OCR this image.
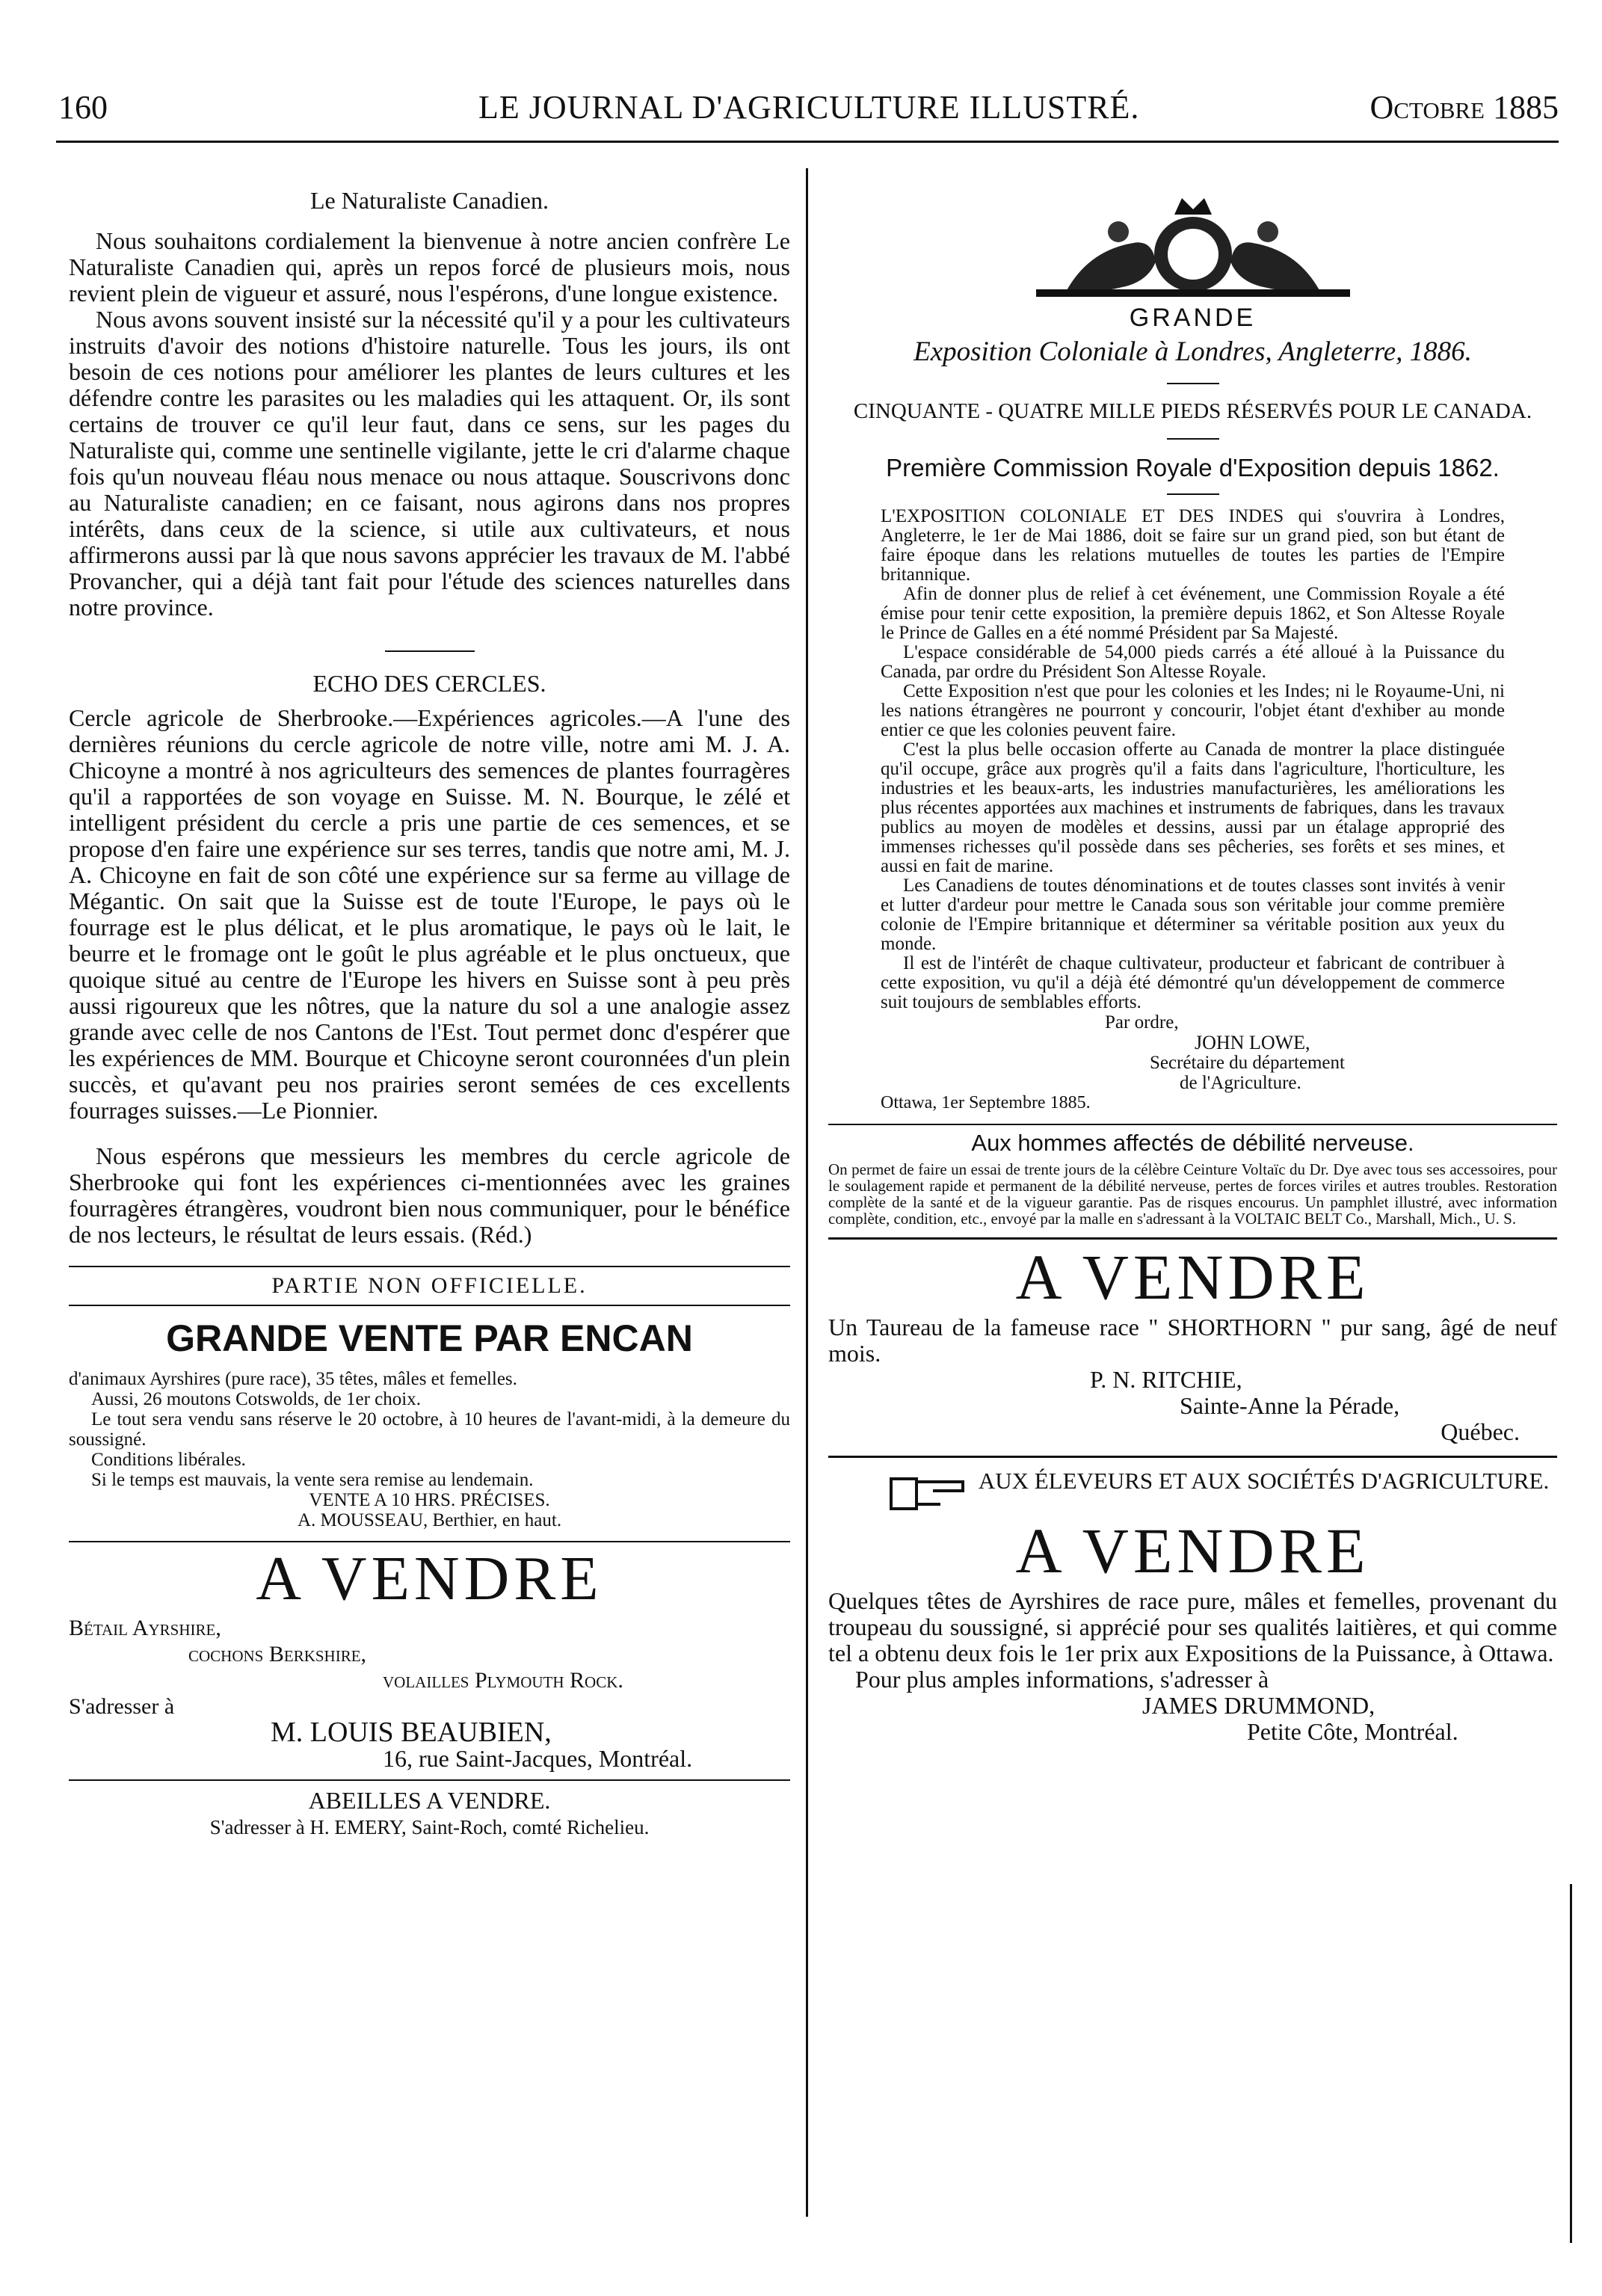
160	LE JOURNAL D'AGRICULTURE ILLUSTRÉ.	Octobre 1885

Le Naturaliste Canadien.

Nous souhaitons cordialement la bienvenue à notre ancien confrère Le Naturaliste Canadien qui, après un repos forcé de plusieurs mois, nous revient plein de vigueur et assuré, nous l'espérons, d'une longue existence.

Nous avons souvent insisté sur la nécessité qu'il y a pour les cultivateurs instruits d'avoir des notions d'histoire naturelle. Tous les jours, ils ont besoin de ces notions pour améliorer les plantes de leurs cultures et les défendre contre les parasites ou les maladies qui les attaquent. Or, ils sont certains de trouver ce qu'il leur faut, dans ce sens, sur les pages du Naturaliste qui, comme une sentinelle vigilante, jette le cri d'alarme chaque fois qu'un nouveau fléau nous menace ou nous attaque. Souscrivons donc au Naturaliste canadien; en ce faisant, nous agirons dans nos propres intérêts, dans ceux de la science, si utile aux cultivateurs, et nous affirmerons aussi par là que nous savons apprécier les travaux de M. l'abbé Provancher, qui a déjà tant fait pour l'étude des sciences naturelles dans notre province.

ECHO DES CERCLES.

Cercle agricole de Sherbrooke.—Expériences agricoles.—A l'une des dernières réunions du cercle agricole de notre ville, notre ami M. J. A. Chicoyne a montré à nos agriculteurs des semences de plantes fourragères qu'il a rapportées de son voyage en Suisse. M. N. Bourque, le zélé et intelligent président du cercle a pris une partie de ces semences, et se propose d'en faire une expérience sur ses terres, tandis que notre ami, M. J. A. Chicoyne en fait de son côté une expérience sur sa ferme au village de Mégantic. On sait que la Suisse est de toute l'Europe, le pays où le fourrage est le plus délicat, et le plus aromatique, le pays où le lait, le beurre et le fromage ont le goût le plus agréable et le plus onctueux, que quoique situé au centre de l'Europe les hivers en Suisse sont à peu près aussi rigoureux que les nôtres, que la nature du sol a une analogie assez grande avec celle de nos Cantons de l'Est. Tout permet donc d'espérer que les expériences de MM. Bourque et Chicoyne seront couronnées d'un plein succès, et qu'avant peu nos prairies seront semées de ces excellents fourrages suisses.—Le Pionnier.

Nous espérons que messieurs les membres du cercle agricole de Sherbrooke qui font les expériences ci-mentionnées avec les graines fourragères étrangères, voudront bien nous communiquer, pour le bénéfice de nos lecteurs, le résultat de leurs essais. (Réd.)

PARTIE NON OFFICIELLE.

GRANDE VENTE PAR ENCAN

d'animaux Ayrshires (pure race), 35 têtes, mâles et femelles.

Aussi, 26 moutons Cotswolds, de 1er choix.

Le tout sera vendu sans réserve le 20 octobre, à 10 heures de l'avant-midi, à la demeure du soussigné.

Conditions libérales.

Si le temps est mauvais, la vente sera remise au lendemain.

VENTE A 10 HRS. PRÉCISES.

A. MOUSSEAU, Berthier, en haut.

A VENDRE

Bétail Ayrshire,

cochons Berkshire,

volailles Plymouth Rock.

S'adresser à

M. LOUIS BEAUBIEN,

16, rue Saint-Jacques, Montréal.

ABEILLES A VENDRE.

S'adresser à H. EMERY, Saint-Roch, comté Richelieu.

GRANDE

Exposition Coloniale à Londres, Angleterre, 1886.

CINQUANTE - QUATRE MILLE PIEDS RÉSERVÉS POUR LE CANADA.

Première Commission Royale d'Exposition depuis 1862.

L'EXPOSITION COLONIALE ET DES INDES qui s'ouvrira à Londres, Angleterre, le 1er de Mai 1886, doit se faire sur un grand pied, son but étant de faire époque dans les relations mutuelles de toutes les parties de l'Empire britannique.

Afin de donner plus de relief à cet événement, une Commission Royale a été émise pour tenir cette exposition, la première depuis 1862, et Son Altesse Royale le Prince de Galles en a été nommé Président par Sa Majesté.

L'espace considérable de 54,000 pieds carrés a été alloué à la Puissance du Canada, par ordre du Président Son Altesse Royale.

Cette Exposition n'est que pour les colonies et les Indes; ni le Royaume-Uni, ni les nations étrangères ne pourront y concourir, l'objet étant d'exhiber au monde entier ce que les colonies peuvent faire.

C'est la plus belle occasion offerte au Canada de montrer la place distinguée qu'il occupe, grâce aux progrès qu'il a faits dans l'agriculture, l'horticulture, les industries et les beaux-arts, les industries manufacturières, les améliorations les plus récentes apportées aux machines et instruments de fabriques, dans les travaux publics au moyen de modèles et dessins, aussi par un étalage approprié des immenses richesses qu'il possède dans ses pêcheries, ses forêts et ses mines, et aussi en fait de marine.

Les Canadiens de toutes dénominations et de toutes classes sont invités à venir et lutter d'ardeur pour mettre le Canada sous son véritable jour comme première colonie de l'Empire britannique et déterminer sa véritable position aux yeux du monde.

Il est de l'intérêt de chaque cultivateur, producteur et fabricant de contribuer à cette exposition, vu qu'il a déjà été démontré qu'un développement de commerce suit toujours de semblables efforts.

Par ordre,

JOHN LOWE,

Secrétaire du département

de l'Agriculture.

Ottawa, 1er Septembre 1885.

Aux hommes affectés de débilité nerveuse.

On permet de faire un essai de trente jours de la célèbre Ceinture Voltaïc du Dr. Dye avec tous ses accessoires, pour le soulagement rapide et permanent de la débilité nerveuse, pertes de forces viriles et autres troubles. Restoration complète de la santé et de la vigueur garantie. Pas de risques encourus. Un pamphlet illustré, avec information complète, condition, etc., envoyé par la malle en s'adressant à la VOLTAIC BELT Co., Marshall, Mich., U. S.

A VENDRE

Un Taureau de la fameuse race " SHORTHORN " pur sang, âgé de neuf mois.

P. N. RITCHIE,

Sainte-Anne la Pérade,

Québec.

AUX ÉLEVEURS ET AUX SOCIÉTÉS D'AGRICULTURE.

A VENDRE

Quelques têtes de Ayrshires de race pure, mâles et femelles, provenant du troupeau du soussigné, si apprécié pour ses qualités laitières, et qui comme tel a obtenu deux fois le 1er prix aux Expositions de la Puissance, à Ottawa.

Pour plus amples informations, s'adresser à

JAMES DRUMMOND,

Petite Côte, Montréal.
